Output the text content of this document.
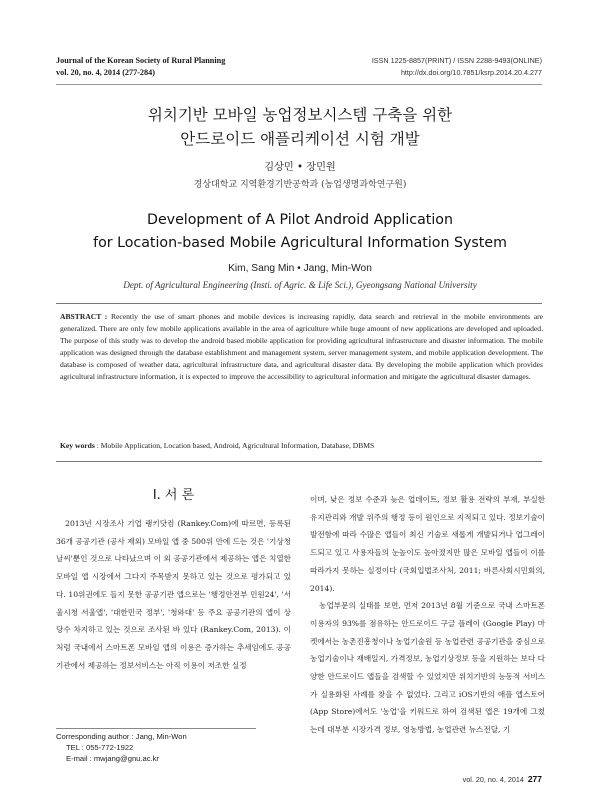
Journal of the Korean Society of Rural Planning
vol. 20, no. 4, 2014 (277-284)
ISSN 1225-8857(PRINT) / ISSN 2288-9493(ONLINE)
http://dx.doi.org/10.7851/ksrp.2014.20.4.277
위치기반 모바일 농업정보시스템 구축을 위한
안드로이드 애플리케이션 시험 개발
김상민 • 장민원
경상대학교 지역환경기반공학과 (농업생명과학연구원)
Development of A Pilot Android Application
for Location-based Mobile Agricultural Information System
Kim, Sang Min • Jang, Min-Won
Dept. of Agricultural Engineering (Insti. of Agric. & Life Sci.), Gyeongsang National University

ABSTRACT : Recently the use of smart phones and mobile devices is increasing rapidly, data search and retrieval in the mobile environments are generalized. There are only few mobile applications available in the area of agriculture while huge amount of new applications are developed and uploaded. The purpose of this study was to develop the android based mobile application for providing agricultural infrastructure and disaster information. The mobile application was designed through the database establishment and management system, server management system, and mobile application development. The database is composed of weather data, agricultural infrastructure data, and agricultural disaster data. By developing the mobile application which provides agricultural infrastructure information, it is expected to improve the accessibility to agricultural information and mitigate the agricultural disaster damages.

Key words : Mobile Application, Location based, Android, Agricultural Information, Database, DBMS

I. 서 론

2013년 시장조사 기업 랭키닷컴 (Rankey.Com)에 따르면, 등록된 36개 공공기관 (공사 제외) 모바일 앱 중 500위 안에 드는 것은 '기상청 날씨'뿐인 것으로 나타났으며 이 외 공공기관에서 제공하는 앱은 치열한 모바일 앱 시장에서 그다지 주목받지 못하고 있는 것으로 평가되고 있다. 10위권에도 들지 못한 공공기관 앱으로는 '행정안전부 민원24', '서울시청 서울앱', '대한민국 정부', '청와대' 등 주요 공공기관의 앱이 상당수 차지하고 있는 것으로 조사된 바 있다 (Rankey.Com, 2013). 이처럼 국내에서 스마트폰 모바일 앱의 이용은 증가하는 추세임에도 공공기관에서 제공하는 정보서비스는 아직 이용이 저조한 실정

이며, 낮은 정보 수준과 늦은 업데이트, 정보 활용 전략의 부재, 부실한 유지관리와 개발 위주의 행정 등이 원인으로 지적되고 있다. 정보기술이 발전함에 따라 수많은 앱들이 최신 기술로 새롭게 개발되거나 업그레이드되고 있고 사용자들의 눈높이도 높아졌지만 많은 모바일 앱들이 이를 따라가지 못하는 실정이다 (국회입법조사처, 2011; 바른사회시민회의, 2014).

농업부문의 실태를 보면, 먼저 2013년 8월 기준으로 국내 스마트폰 이용자의 93%를 점유하는 안드로이드 구글 플레이 (Google Play) 마켓에서는 농촌진흥청이나 농업기술원 등 농업관련 공공기관을 중심으로 농업기술이나 재배일지, 가격정보, 농업기상정보 등을 지원하는 보다 다양한 안드로이드 앱들을 검색할 수 있었지만 위치기반의 능동적 서비스가 실용화된 사례를 찾을 수 없었다. 그리고 iOS기반의 애플 앱스토어 (App Store)에서도 '농업'을 키워드로 하여 검색된 앱은 19개에 그쳤는데 대부분 시장가격 정보, 영농방법, 농업관련 뉴스전달, 기

Corresponding author : Jang, Min-Won
TEL : 055-772-1922
E-mail : mwjang@gnu.ac.kr
vol. 20, no. 4, 2014 277
